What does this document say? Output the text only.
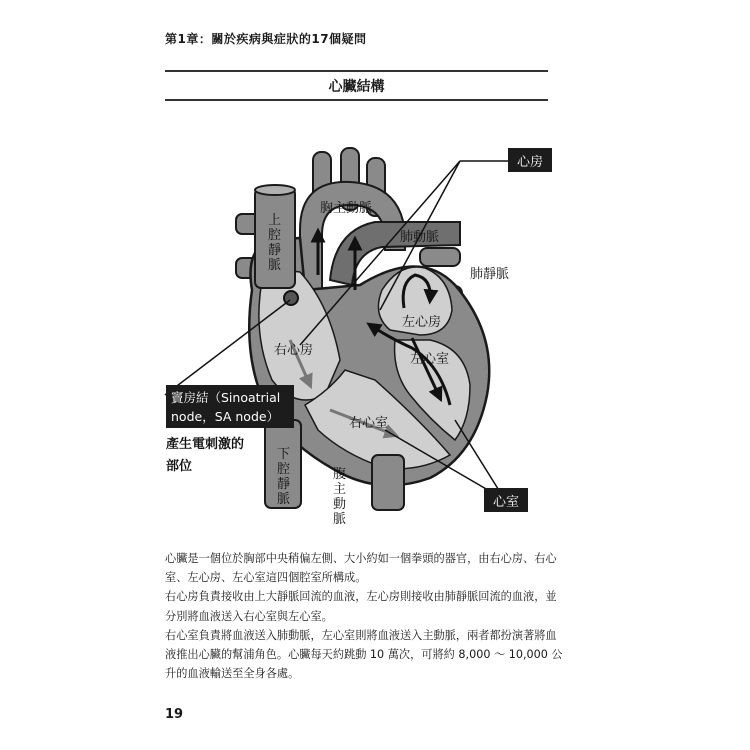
第1章：關於疾病與症狀的17個疑問
心臟結構
心房
心室
竇房結（Sinoatrial
node，SA node）
胸主動脈
肺動脈
肺靜脈
左心房
左心室
右心房
右心室
產生電刺激的
部位
上
腔
靜
脈
下
腔
靜
脈
腹
主
動
脈

心臟是一個位於胸部中央稍偏左側、大小約如一個拳頭的器官，由右心房、右心室、左心房、左心室這四個腔室所構成。

右心房負責接收由上大靜脈回流的血液，左心房則接收由肺靜脈回流的血液，並分別將血液送入右心室與左心室。

右心室負責將血液送入肺動脈，左心室則將血液送入主動脈，兩者都扮演著將血液推出心臟的幫浦角色。心臟每天約跳動 10 萬次，可將約 8,000 ～ 10,000 公升的血液輸送至全身各處。

19
